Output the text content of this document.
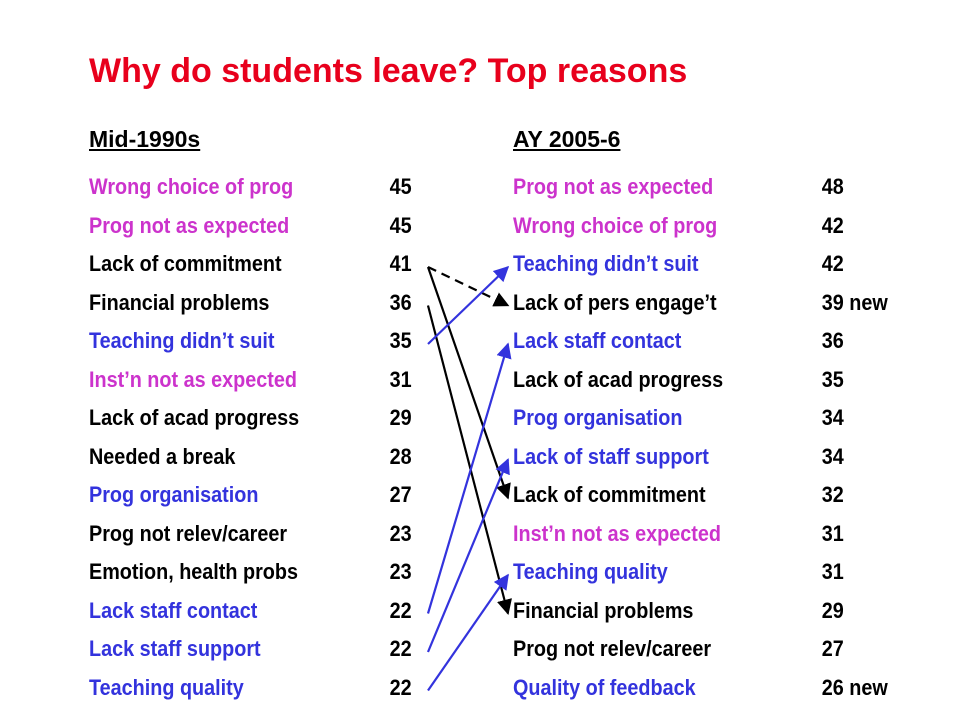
Why do students leave? Top reasons
Mid-1990s	AY 2005-6
Wrong choice of prog	45
Prog not as expected	45
Lack of commitment	41
Financial problems	36
Teaching didn’t suit	35
Inst’n not as expected	31
Lack of acad progress	29
Needed a break	28
Prog organisation	27
Prog not relev/career	23
Emotion, health probs	23
Lack staff contact	22
Lack staff support	22
Teaching quality	22
Prog not as expected	48
Wrong choice of prog	42
Teaching didn’t suit	42
Lack of pers engage’t	39 new
Lack staff contact	36
Lack of acad progress	35
Prog organisation	34
Lack of staff support	34
Lack of commitment	32
Inst’n not as expected	31
Teaching quality	31
Financial problems	29
Prog not relev/career	27
Quality of feedback	26 new
